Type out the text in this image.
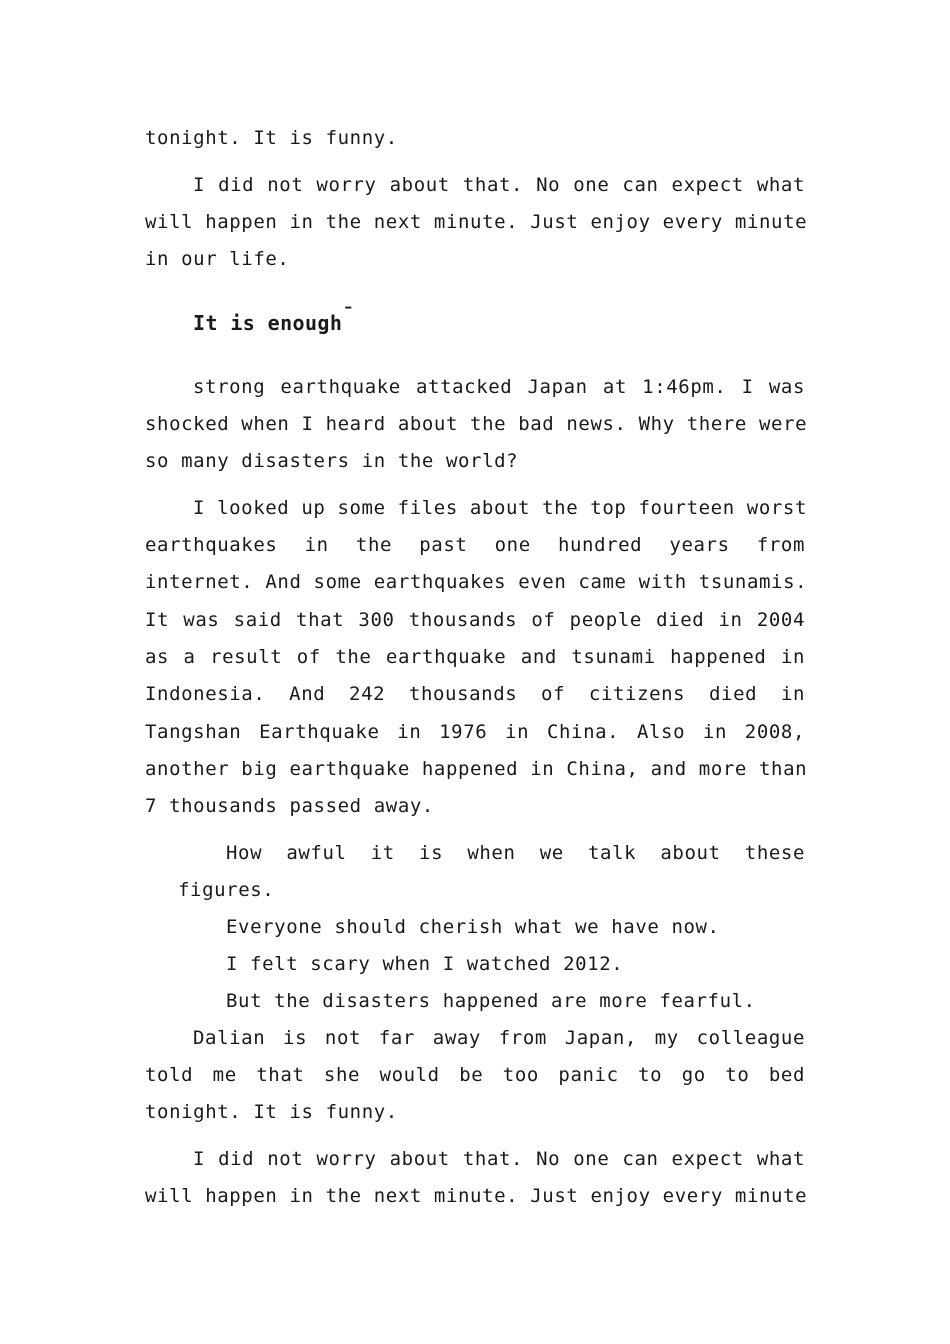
tonight. It is funny.

I did not worry about that. No one can expect what

will happen in the next minute. Just enjoy every minute

in our life.

It is enough¯

strong earthquake attacked Japan at 1:46pm. I was

shocked when I heard about the bad news. Why there were

so many disasters in the world?

I looked up some files about the top fourteen worst

earthquakes in the past one hundred years from

internet. And some earthquakes even came with tsunamis.

It was said that 300 thousands of people died in 2004

as a result of the earthquake and tsunami happened in

Indonesia. And 242 thousands of citizens died in

Tangshan Earthquake in 1976 in China. Also in 2008,

another big earthquake happened in China, and more than

7 thousands passed away.

How awful it is when we talk about these

figures.

Everyone should cherish what we have now.

I felt scary when I watched 2012.

But the disasters happened are more fearful.

Dalian is not far away from Japan, my colleague

told me that she would be too panic to go to bed

tonight. It is funny.

I did not worry about that. No one can expect what

will happen in the next minute. Just enjoy every minute
